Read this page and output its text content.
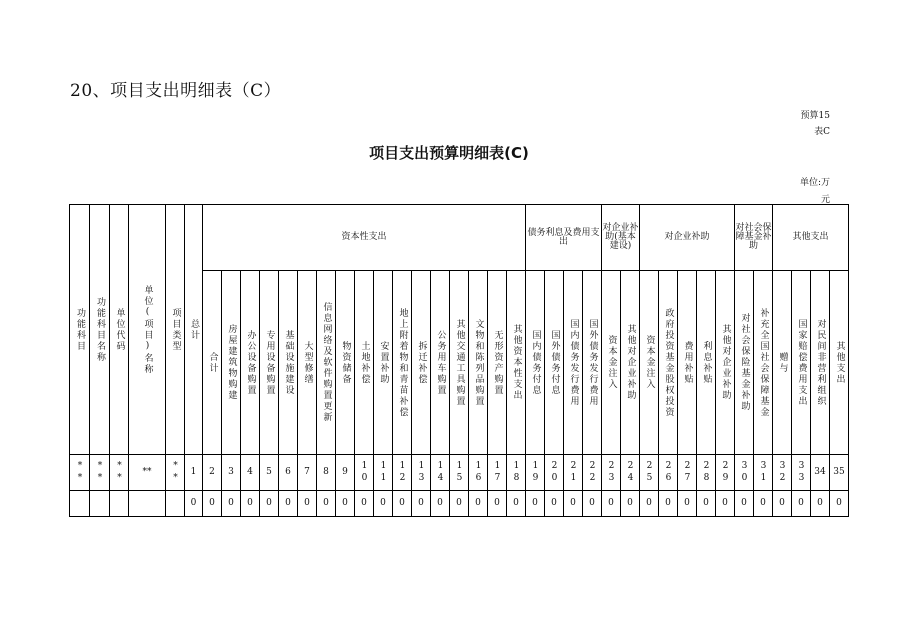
20、项目支出明细表（C）
预算15
表C
项目支出预算明细表(C)
单位:万
元
功能科目	功能科目名称	单位代码	单位(项目)名称	项目类型	总计	资本性支出																	债务利息及费用支出				对企业补助(基本建设)		对企业补助					对社会保障基金补助		其他支出			
						合计	房屋建筑物购建	办公设备购置	专用设备购置	基础设施建设	大型修缮	信息网络及软件购置更新	物资储备	土地补偿	安置补助	地上附着物和青苗补偿	拆迁补偿	公务用车购置	其他交通工具购置	文物和陈列品购置	无形资产购置	其他资本性支出	国内债务付息	国外债务付息	国内债务发行费用	国外债务发行费用	资本金注入	其他对企业补助	资本金注入	政府投资基金股权投资	费用补贴	利息补贴	其他对企业补助	对社会保险基金补助	补充全国社会保障基金	赠与	国家赔偿费用支出	对民间非营利组织	其他支出
**	**	**	**	**	1	2	3	4	5	6	7	8	9	10	11	12	13	14	15	16	17	18	19	20	21	22	23	24	25	26	27	28	29	30	31	32	33	34	35
					0	0	0	0	0	0	0	0	0	0	0	0	0	0	0	0	0	0	0	0	0	0	0	0	0	0	0	0	0	0	0	0	0	0	0
